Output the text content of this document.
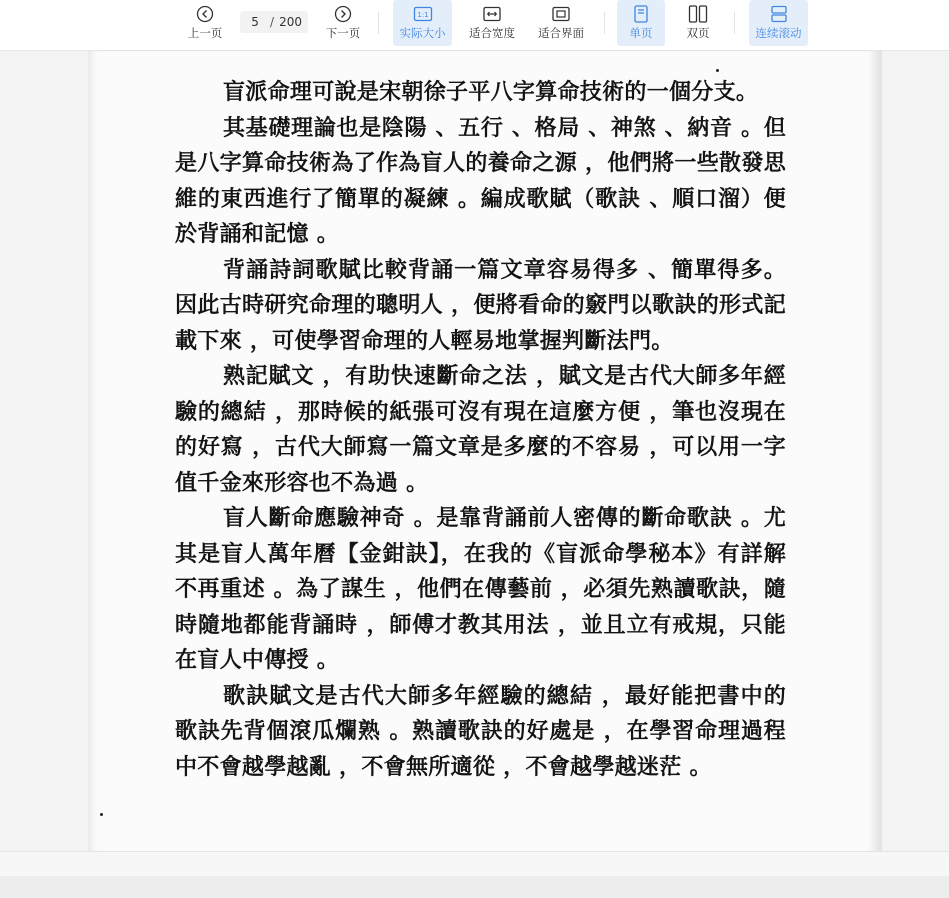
上一页
5
/ 200
下一页
1:1
实际大小 适合宽度 适合界面	单页	双页	连续滚动

盲派命理可說是宋朝徐子平八字算命技術的一個分支。

其基礎理論也是陰陽 、五行 、格局 、神煞 、納音 。但是八字算命技術為了作為盲人的養命之源 ，他們將一些散發思維的東西進行了簡單的凝練 。編成歌賦（歌訣 、順口溜）便於背誦和記憶 。

背誦詩詞歌賦比較背誦一篇文章容易得多 、簡單得多。因此古時研究命理的聰明人 ，便將看命的竅門以歌訣的形式記載下來 ，可使學習命理的人輕易地掌握判斷法門。

熟記賦文 ，有助快速斷命之法 ，賦文是古代大師多年經驗的總結 ，那時候的紙張可沒有現在這麼方便 ，筆也沒現在的好寫 ，古代大師寫一篇文章是多麼的不容易 ，可以用一字值千金來形容也不為過 。

盲人斷命應驗神奇 。是靠背誦前人密傳的斷命歌訣 。尤其是盲人萬年曆【金鉗訣】，在我的《盲派命學秘本》有詳解不再重述 。為了謀生 ，他們在傳藝前 ，必須先熟讀歌訣，隨時隨地都能背誦時 ，師傅才教其用法 ，並且立有戒規，只能在盲人中傳授 。

歌訣賦文是古代大師多年經驗的總結 ，最好能把書中的歌訣先背個滾瓜爛熟 。熟讀歌訣的好處是 ，在學習命理過程中不會越學越亂 ，不會無所適從 ，不會越學越迷茫 。
